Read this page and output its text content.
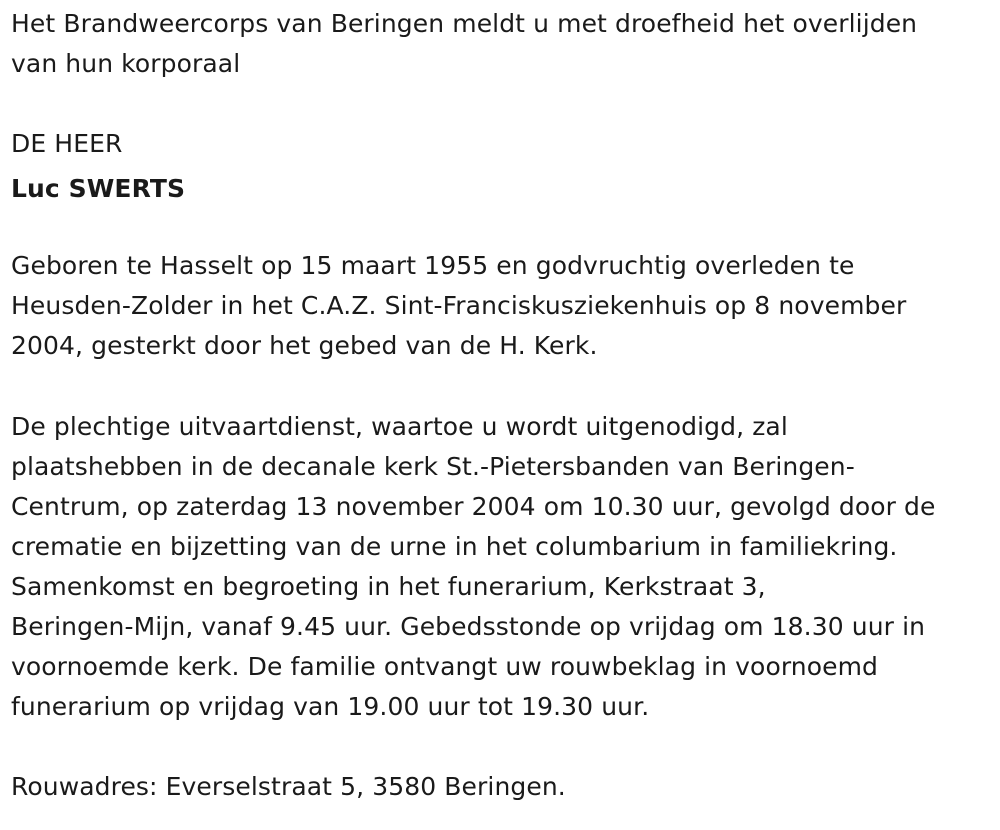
Het Brandweercorps van Beringen meldt u met droefheid het overlijden
van hun korporaal

DE HEER

Luc SWERTS

Geboren te Hasselt op 15 maart 1955 en godvruchtig overleden te
Heusden-Zolder in het C.A.Z. Sint-Franciskusziekenhuis op 8 november
2004, gesterkt door het gebed van de H. Kerk.

De plechtige uitvaartdienst, waartoe u wordt uitgenodigd, zal
plaatshebben in de decanale kerk St.-Pietersbanden van Beringen-
Centrum, op zaterdag 13 november 2004 om 10.30 uur, gevolgd door de
crematie en bijzetting van de urne in het columbarium in familiekring.
Samenkomst en begroeting in het funerarium, Kerkstraat 3,
Beringen-Mijn, vanaf 9.45 uur. Gebedsstonde op vrijdag om 18.30 uur in
voornoemde kerk. De familie ontvangt uw rouwbeklag in voornoemd
funerarium op vrijdag van 19.00 uur tot 19.30 uur.

Rouwadres: Everselstraat 5, 3580 Beringen.
